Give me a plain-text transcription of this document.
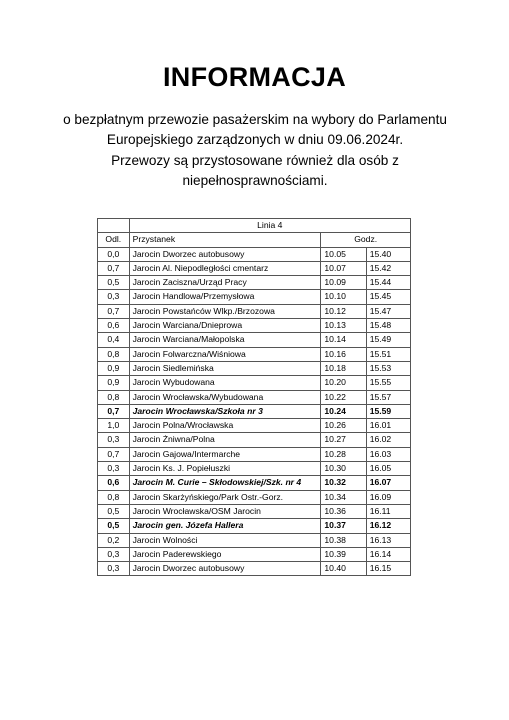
INFORMACJA
o bezpłatnym przewozie pasażerskim na wybory do Parlamentu Europejskiego zarządzonych w dniu 09.06.2024r.
Przewozy są przystosowane również dla osób z niepełnosprawnościami.
	Linia 4		
Odl.	Przystanek	Godz.	
0,0	Jarocin Dworzec autobusowy	10.05	15.40
0,7	Jarocin Al. Niepodległości cmentarz	10.07	15.42
0,5	Jarocin Zaciszna/Urząd Pracy	10.09	15.44
0,3	Jarocin Handlowa/Przemysłowa	10.10	15.45
0,7	Jarocin Powstańców Wlkp./Brzozowa	10.12	15.47
0,6	Jarocin Warciana/Dnieprowa	10.13	15.48
0,4	Jarocin Warciana/Małopolska	10.14	15.49
0,8	Jarocin Folwarczna/Wiśniowa	10.16	15.51
0,9	Jarocin Siedlemińska	10.18	15.53
0,9	Jarocin Wybudowana	10.20	15.55
0,8	Jarocin Wrocławska/Wybudowana	10.22	15.57
0,7	Jarocin Wrocławska/Szkoła nr 3	10.24	15.59
1,0	Jarocin Polna/Wrocławska	10.26	16.01
0,3	Jarocin Żniwna/Polna	10.27	16.02
0,7	Jarocin Gajowa/Intermarche	10.28	16.03
0,3	Jarocin Ks. J. Popiełuszki	10.30	16.05
0,6	Jarocin M. Curie – Skłodowskiej/Szk. nr 4	10.32	16.07
0,8	Jarocin Skarżyńskiego/Park Ostr.-Gorz.	10.34	16.09
0,5	Jarocin Wrocławska/OSM Jarocin	10.36	16.11
0,5	Jarocin gen. Józefa Hallera	10.37	16.12
0,2	Jarocin Wolności	10.38	16.13
0,3	Jarocin Paderewskiego	10.39	16.14
0,3	Jarocin Dworzec autobusowy	10.40	16.15
